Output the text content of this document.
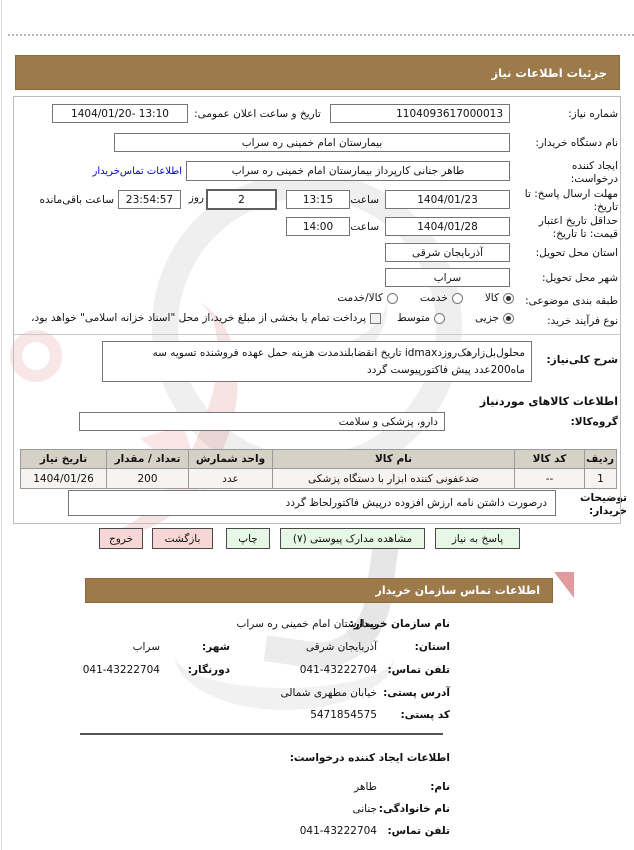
جزئیات اطلاعات نیاز
شماره نیاز:
1104093617000013
تاریخ و ساعت اعلان عمومی:
1404/01/20- 13:10
نام دستگاه خریدار:
بیمارستان امام خمینی ره سراب
ایجاد کننده درخواست:
طاهر جنانی کارپرداز بیمارستان امام خمینی ره سراب
اطلاعات تماس‌خریدار
مهلت ارسال پاسخ: تا تاریخ:
1404/01/23
ساعت
13:15
روز	2
23:54:57
ساعت باقی‌مانده
حداقل تاریخ اعتبار قیمت: تا تاریخ:
1404/01/28
ساعت
14:00
استان محل تحویل:
آذربایجان شرقی
شهر محل تحویل:
سراب
طبقه بندی موضوعی:
کالا
خدمت
کالا/خدمت
نوع فرآیند خرید:
جزیی
متوسط
پرداخت تمام یا بخشی از مبلغ خرید،از محل "اسناد خزانه اسلامی" خواهد بود،
شرح کلی‌نیاز:
محلول‌بل‌زارهک‌روزدidmax تاریخ انقضابلندمدت هزینه حمل عهده فروشنده تسویه سه ماه200عدد پیش فاکتورپیوست گردد
اطلاعات کالاهای موردنیاز
گروه‌کالا:
دارو، پزشکی و سلامت
ردیف	کد کالا	نام کالا	واحد شمارش	تعداد / مقدار	تاریخ نیاز
1	--	ضدعفونی کننده ابزار با دستگاه پزشکی	عدد	200	1404/01/26
توضیحات خریدار:
درصورت داشتن نامه ارزش افزوده درپیش فاکتورلحاظ گردد
پاسخ به نیاز
مشاهده مدارک پیوستی (۷)
چاپ
بازگشت
خروج
اطلاعات تماس سازمان خریدار
نام سازمان خریدار:
بیمارستان امام خمینی ره سراب
استان:
آذربایجان شرقی
شهر:
سراب
تلفن تماس:
041-43222704
دورنگار:
041-43222704
آدرس پستی:
خیابان مطهری شمالی
کد پستی:
5471854575
اطلاعات ایجاد کننده درخواست:
نام:
طاهر
نام خانوادگی:
جنانی
تلفن تماس:
041-43222704
